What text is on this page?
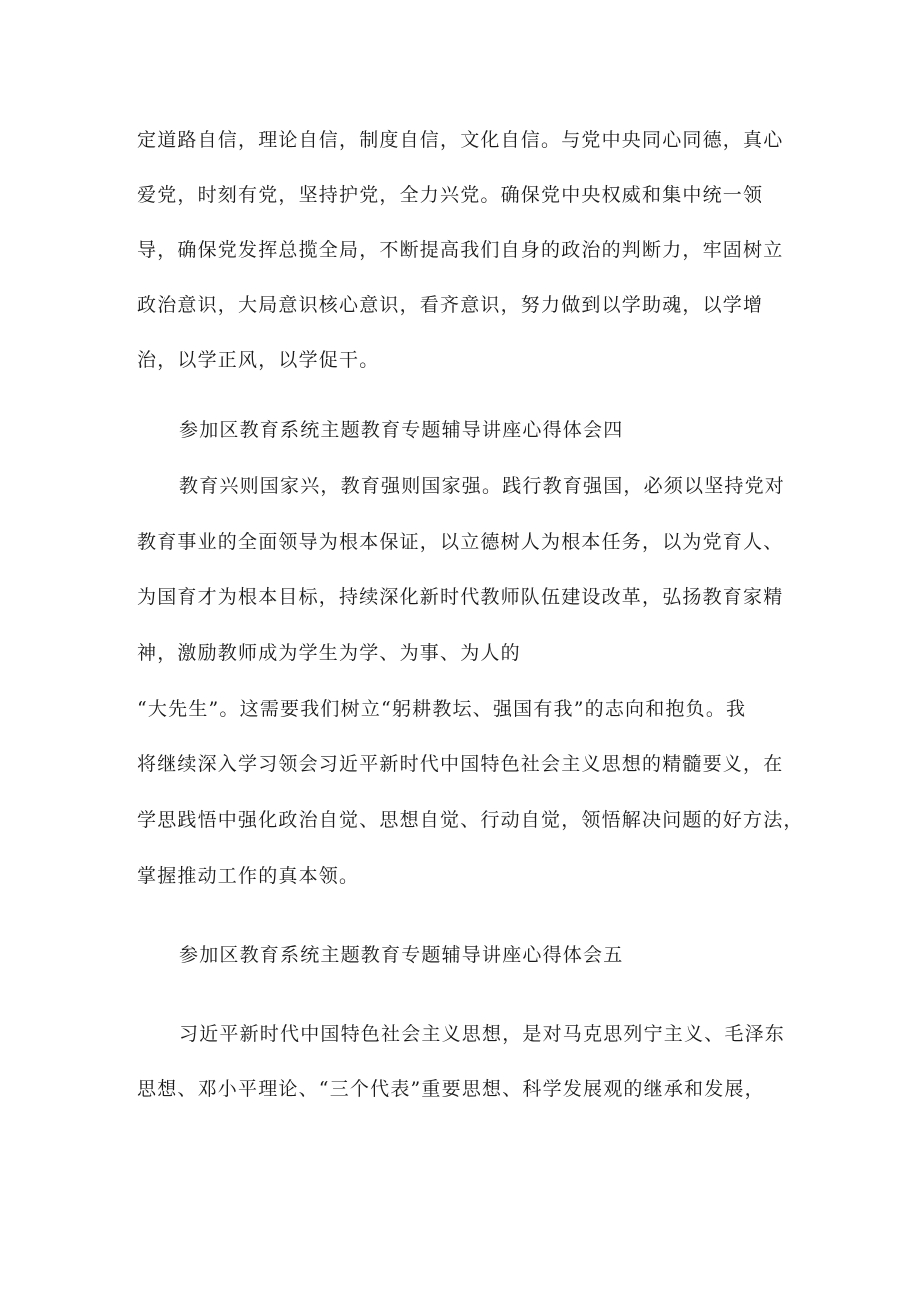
定道路自信，理论自信，制度自信，文化自信。与党中央同心同德，真心
爱党，时刻有党，坚持护党，全力兴党。确保党中央权威和集中统一领
导，确保党发挥总揽全局，不断提高我们自身的政治的判断力，牢固树立
政治意识，大局意识核心意识，看齐意识，努力做到以学助魂，以学增
治，以学正风，以学促干。
参加区教育系统主题教育专题辅导讲座心得体会四
教育兴则国家兴，教育强则国家强。践行教育强国，必须以坚持党对
教育事业的全面领导为根本保证，以立德树人为根本任务，以为党育人、
为国育才为根本目标，持续深化新时代教师队伍建设改革，弘扬教育家精
神，激励教师成为学生为学、为事、为人的
“大先生”。这需要我们树立“躬耕教坛、强国有我”的志向和抱负。我
将继续深入学习领会习近平新时代中国特色社会主义思想的精髓要义，在
学思践悟中强化政治自觉、思想自觉、行动自觉，领悟解决问题的好方法，
掌握推动工作的真本领。
参加区教育系统主题教育专题辅导讲座心得体会五
习近平新时代中国特色社会主义思想，是对马克思列宁主义、毛泽东
思想、邓小平理论、“三个代表”重要思想、科学发展观的继承和发展，
